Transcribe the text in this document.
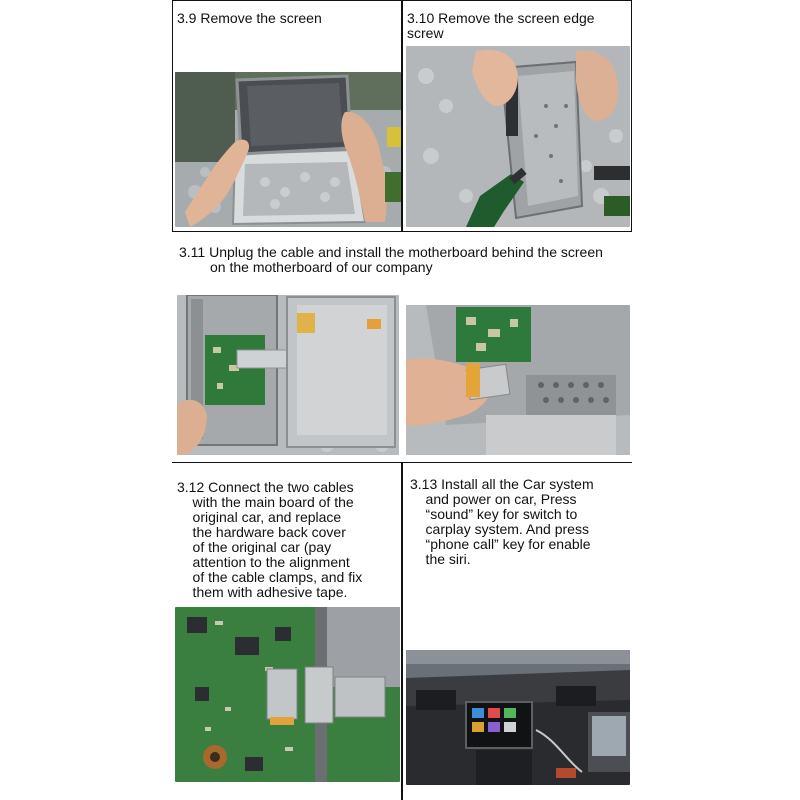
3.9 Remove the screen	3.10 Remove the screen edge
screw
3.11 Unplug the cable and install the motherboard behind the screen
on the motherboard of our company
3.12 Connect the two cables
with the main board of the
original car, and replace
the hardware back cover
of the original car (pay
attention to the alignment
of the cable clamps, and fix
them with adhesive tape.
3.13 Install all the Car system
and power on car, Press
“sound” key for switch to
carplay system. And press
“phone call” key for enable
the siri.
